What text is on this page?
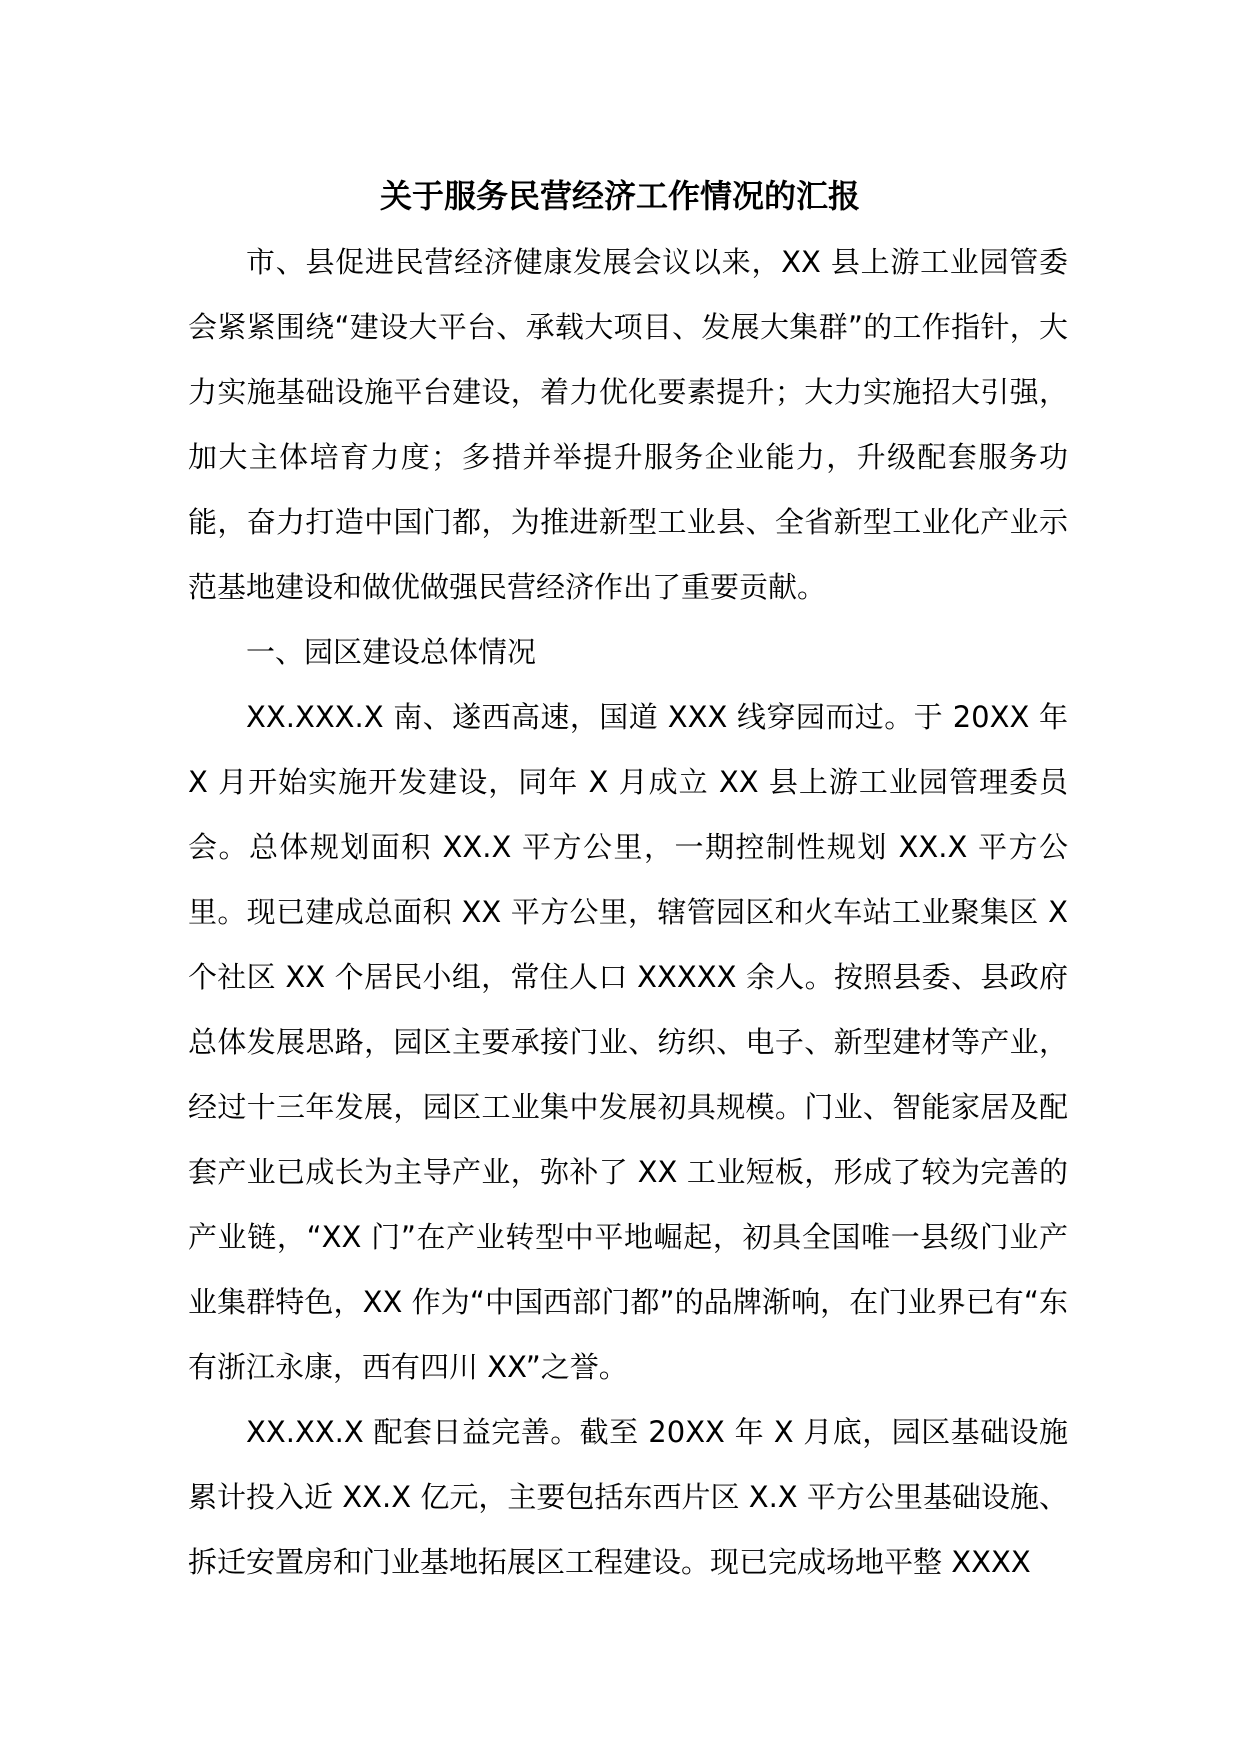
关于服务民营经济工作情况的汇报

市、县促进民营经济健康发展会议以来，XX 县上游工业园管委会紧紧围绕“建设大平台、承载大项目、发展大集群”的工作指针，大力实施基础设施平台建设，着力优化要素提升；大力实施招大引强，加大主体培育力度；多措并举提升服务企业能力，升级配套服务功能，奋力打造中国门都，为推进新型工业县、全省新型工业化产业示范基地建设和做优做强民营经济作出了重要贡献。

一、园区建设总体情况

XX.XXX.X 南、遂西高速，国道 XXX 线穿园而过。于 20XX 年 X 月开始实施开发建设，同年 X 月成立 XX 县上游工业园管理委员会。总体规划面积 XX.X 平方公里，一期控制性规划 XX.X 平方公里。现已建成总面积 XX 平方公里，辖管园区和火车站工业聚集区 X 个社区 XX 个居民小组，常住人口 XXXXX 余人。按照县委、县政府总体发展思路，园区主要承接门业、纺织、电子、新型建材等产业，经过十三年发展，园区工业集中发展初具规模。门业、智能家居及配套产业已成长为主导产业，弥补了 XX 工业短板，形成了较为完善的产业链，“XX 门”在产业转型中平地崛起，初具全国唯一县级门业产业集群特色，XX 作为“中国西部门都”的品牌渐响，在门业界已有“东有浙江永康，西有四川 XX”之誉。

XX.XX.X 配套日益完善。截至 20XX 年 X 月底，园区基础设施累计投入近 XX.X 亿元，主要包括东西片区 X.X 平方公里基础设施、拆迁安置房和门业基地拓展区工程建设。现已完成场地平整 XXXX
